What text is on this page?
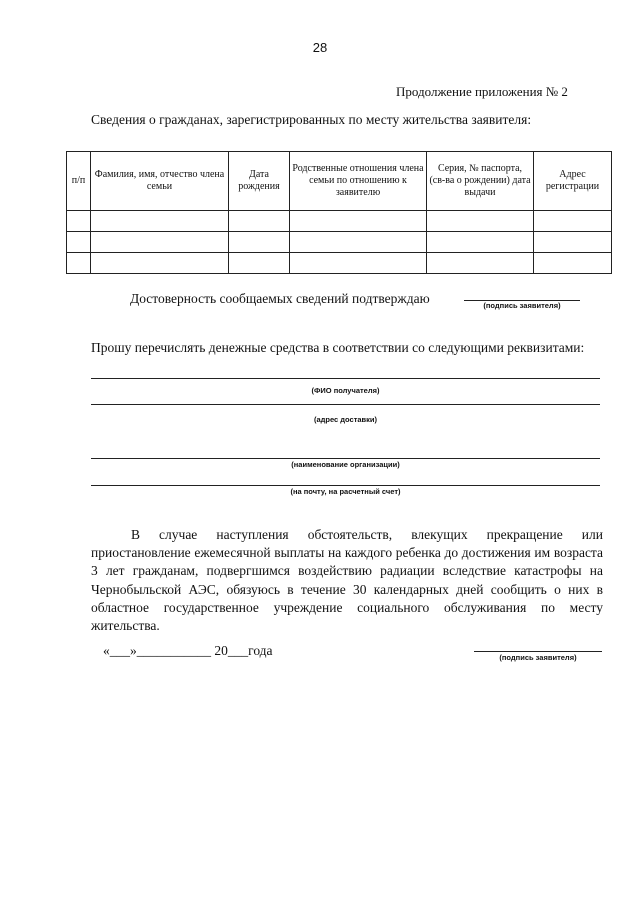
28
Продолжение приложения № 2
Сведения о гражданах, зарегистрированных по месту жительства заявителя:
п/п	Фамилия, имя, отчество члена семьи	Дата рождения	Родственные отношения члена семьи по отношению к заявителю	Серия, № паспорта, (св-ва о рождении) дата выдачи	Адрес регистрации

Достоверность сообщаемых сведений подтверждаю	(подпись заявителя)
Прошу перечислять денежные средства в соответствии со следующими реквизитами:
(ФИО получателя)
(адрес доставки)
(наименование организации)
(на почту, на расчетный счет)
В случае наступления обстоятельств, влекущих прекращение или приостановление ежемесячной выплаты на каждого ребенка до достижения им возраста 3 лет гражданам, подвергшимся воздействию радиации вследствие катастрофы на Чернобыльской АЭС, обязуюсь в течение 30 календарных дней сообщить о них в областное государственное учреждение социального обслуживания по месту жительства.
«___»___________ 20___года	(подпись заявителя)
